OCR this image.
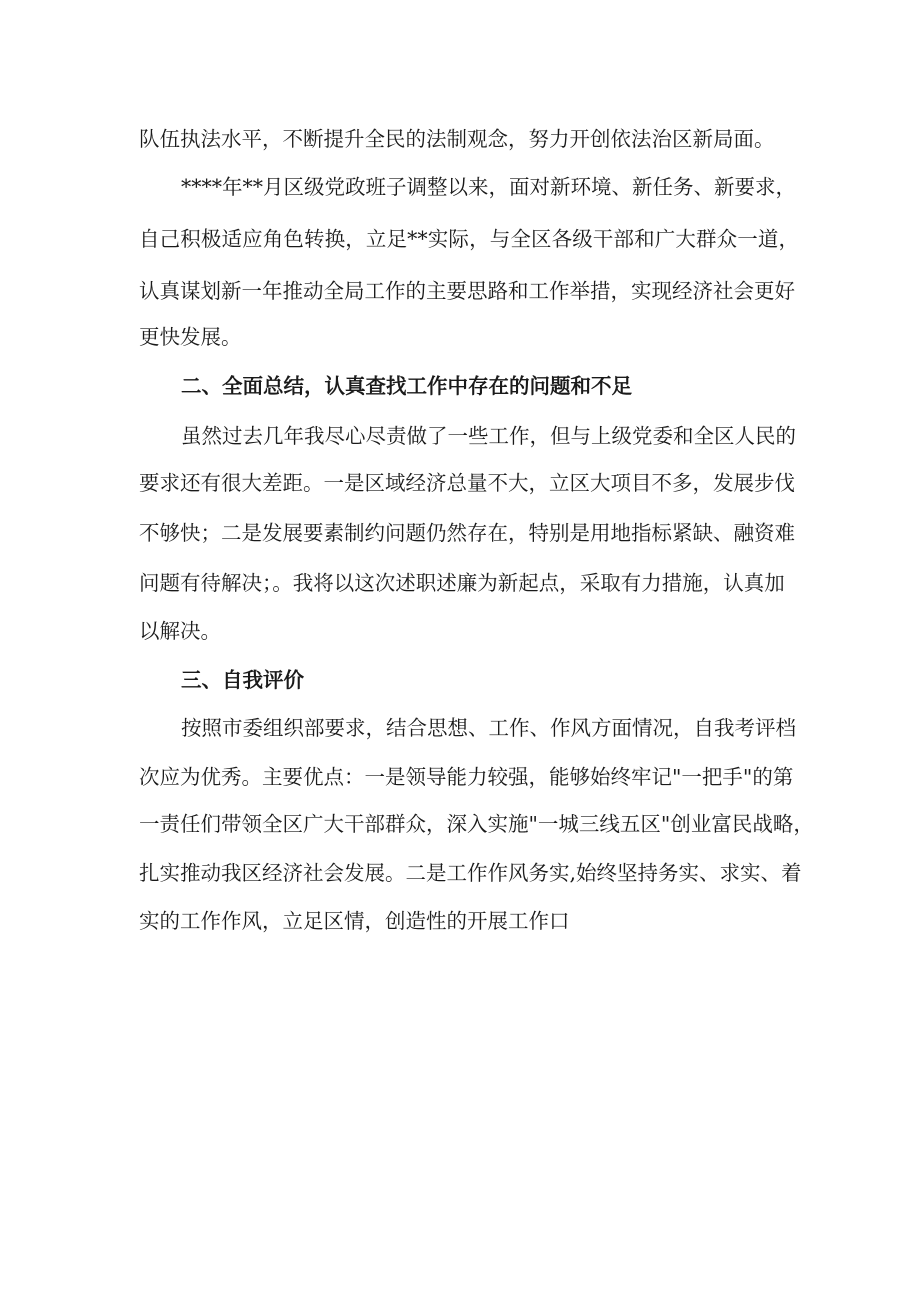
队伍执法水平，不断提升全民的法制观念，努力开创依法治区新局面。
****年**月区级党政班子调整以来，面对新环境、新任务、新要求，
自己积极适应角色转换，立足**实际，与全区各级干部和广大群众一道，
认真谋划新一年推动全局工作的主要思路和工作举措，实现经济社会更好
更快发展。
二、全面总结，认真查找工作中存在的问题和不足
虽然过去几年我尽心尽责做了一些工作，但与上级党委和全区人民的
要求还有很大差距。一是区域经济总量不大，立区大项目不多，发展步伐
不够快；二是发展要素制约问题仍然存在，特别是用地指标紧缺、融资难
问题有待解决；。我将以这次述职述廉为新起点，采取有力措施，认真加
以解决。
三、自我评价
按照市委组织部要求，结合思想、工作、作风方面情况，自我考评档
次应为优秀。主要优点：一是领导能力较强，能够始终牢记"一把手"的第
一责任们带领全区广大干部群众，深入实施"一城三线五区"创业富民战略，
扎实推动我区经济社会发展。二是工作作风务实,始终坚持务实、求实、着
实的工作作风，立足区情，创造性的开展工作口
